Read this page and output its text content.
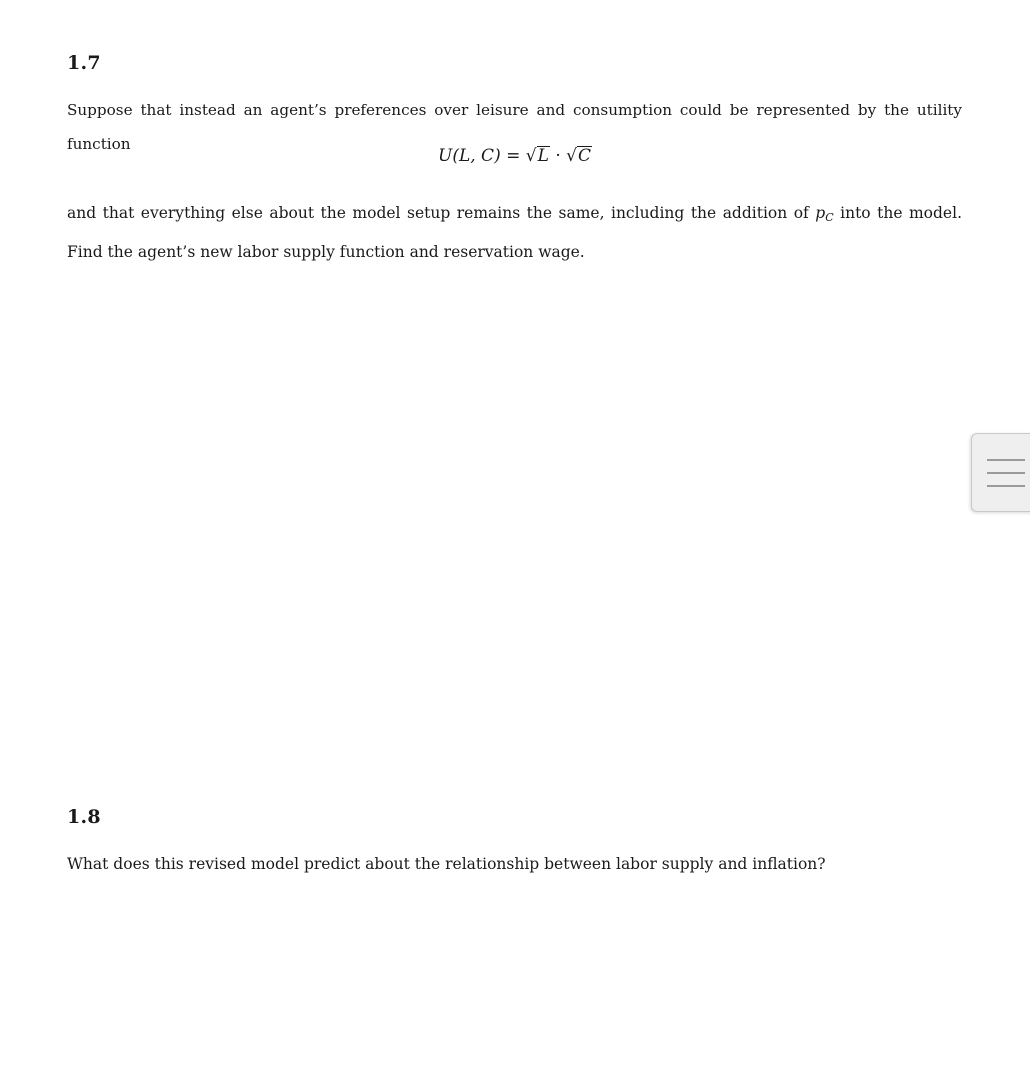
1.7

Suppose that instead an agent’s preferences over leisure and consumption could be represented by the utility function

U(L, C) = √L · √C

and that everything else about the model setup remains the same, including the addition of $p_C$ into the model. Find the agent’s new labor supply function and reservation wage.

1.8

What does this revised model predict about the relationship between labor supply and inflation?
